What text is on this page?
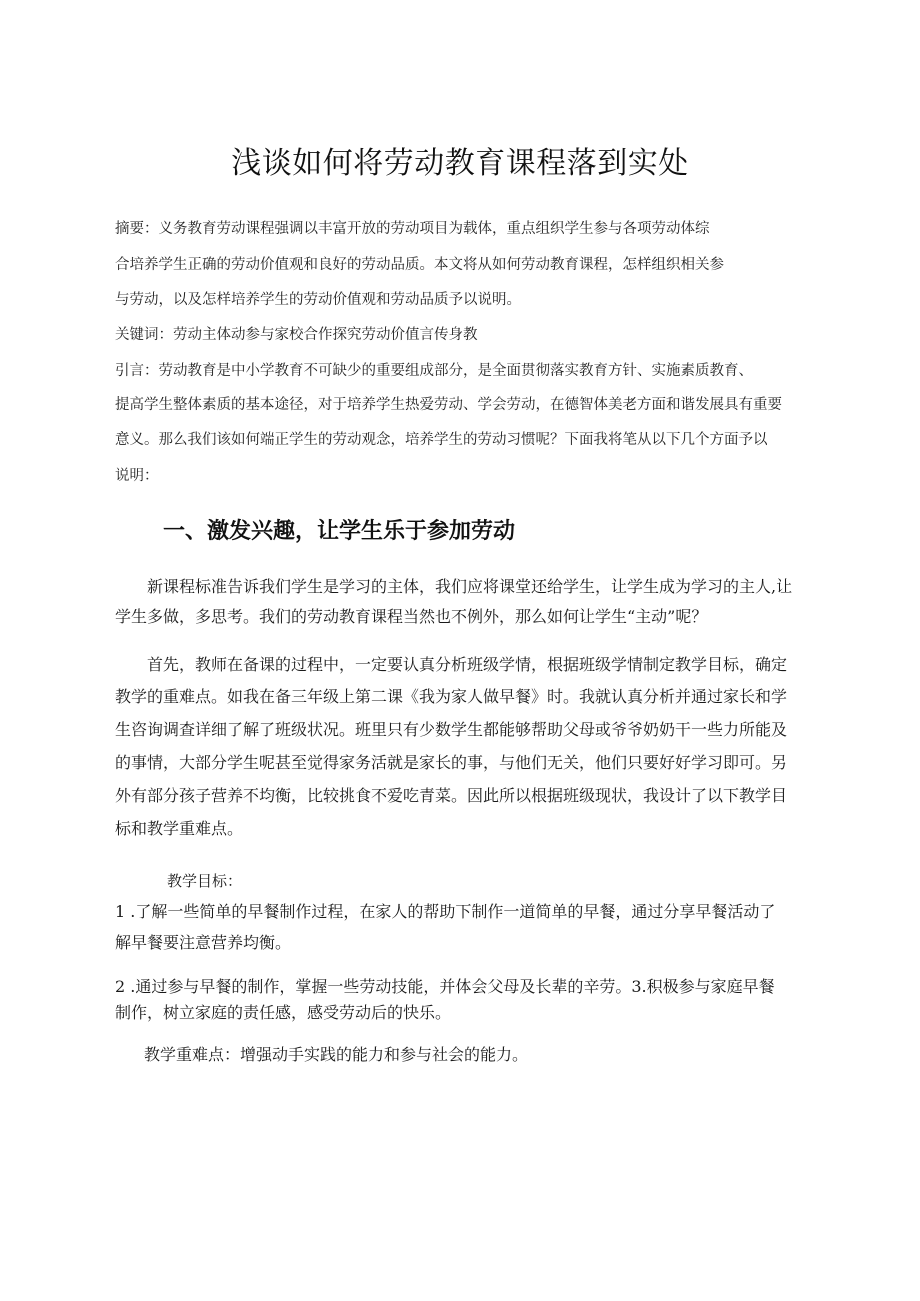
浅谈如何将劳动教育课程落到实处
摘要：义务教育劳动课程强调以丰富开放的劳动项目为载体，重点组织学生参与各项劳动体综
合培养学生正确的劳动价值观和良好的劳动品质。本文将从如何劳动教育课程，怎样组织相关参
与劳动，以及怎样培养学生的劳动价值观和劳动品质予以说明。
关键词：劳动主体动参与家校合作探究劳动价值言传身教
引言：劳动教育是中小学教育不可缺少的重要组成部分，是全面贯彻落实教育方针、实施素质教育、
提高学生整体素质的基本途径，对于培养学生热爱劳动、学会劳动，在德智体美老方面和谐发展具有重要
意义。那么我们该如何端正学生的劳动观念，培养学生的劳动习惯呢？下面我将笔从以下几个方面予以
说明：
一、激发兴趣，让学生乐于参加劳动
新课程标准告诉我们学生是学习的主体，我们应将课堂还给学生，让学生成为学习的主人,让
学生多做，多思考。我们的劳动教育课程当然也不例外，那么如何让学生“主动”呢？
首先，教师在备课的过程中，一定要认真分析班级学情，根据班级学情制定教学目标，确定
教学的重难点。如我在备三年级上第二课《我为家人做早餐》时。我就认真分析并通过家长和学
生咨询调查详细了解了班级状况。班里只有少数学生都能够帮助父母或爷爷奶奶干一些力所能及
的事情，大部分学生呢甚至觉得家务活就是家长的事，与他们无关，他们只要好好学习即可。另
外有部分孩子营养不均衡，比较挑食不爱吃青菜。因此所以根据班级现状，我设计了以下教学目
标和教学重难点。
教学目标：
1 .了解一些简单的早餐制作过程，在家人的帮助下制作一道简单的早餐，通过分享早餐活动了
解早餐要注意营养均衡。
2 .通过参与早餐的制作，掌握一些劳动技能，并体会父母及长辈的辛劳。3.积极参与家庭早餐
制作，树立家庭的责任感，感受劳动后的快乐。
教学重难点：增强动手实践的能力和参与社会的能力。
